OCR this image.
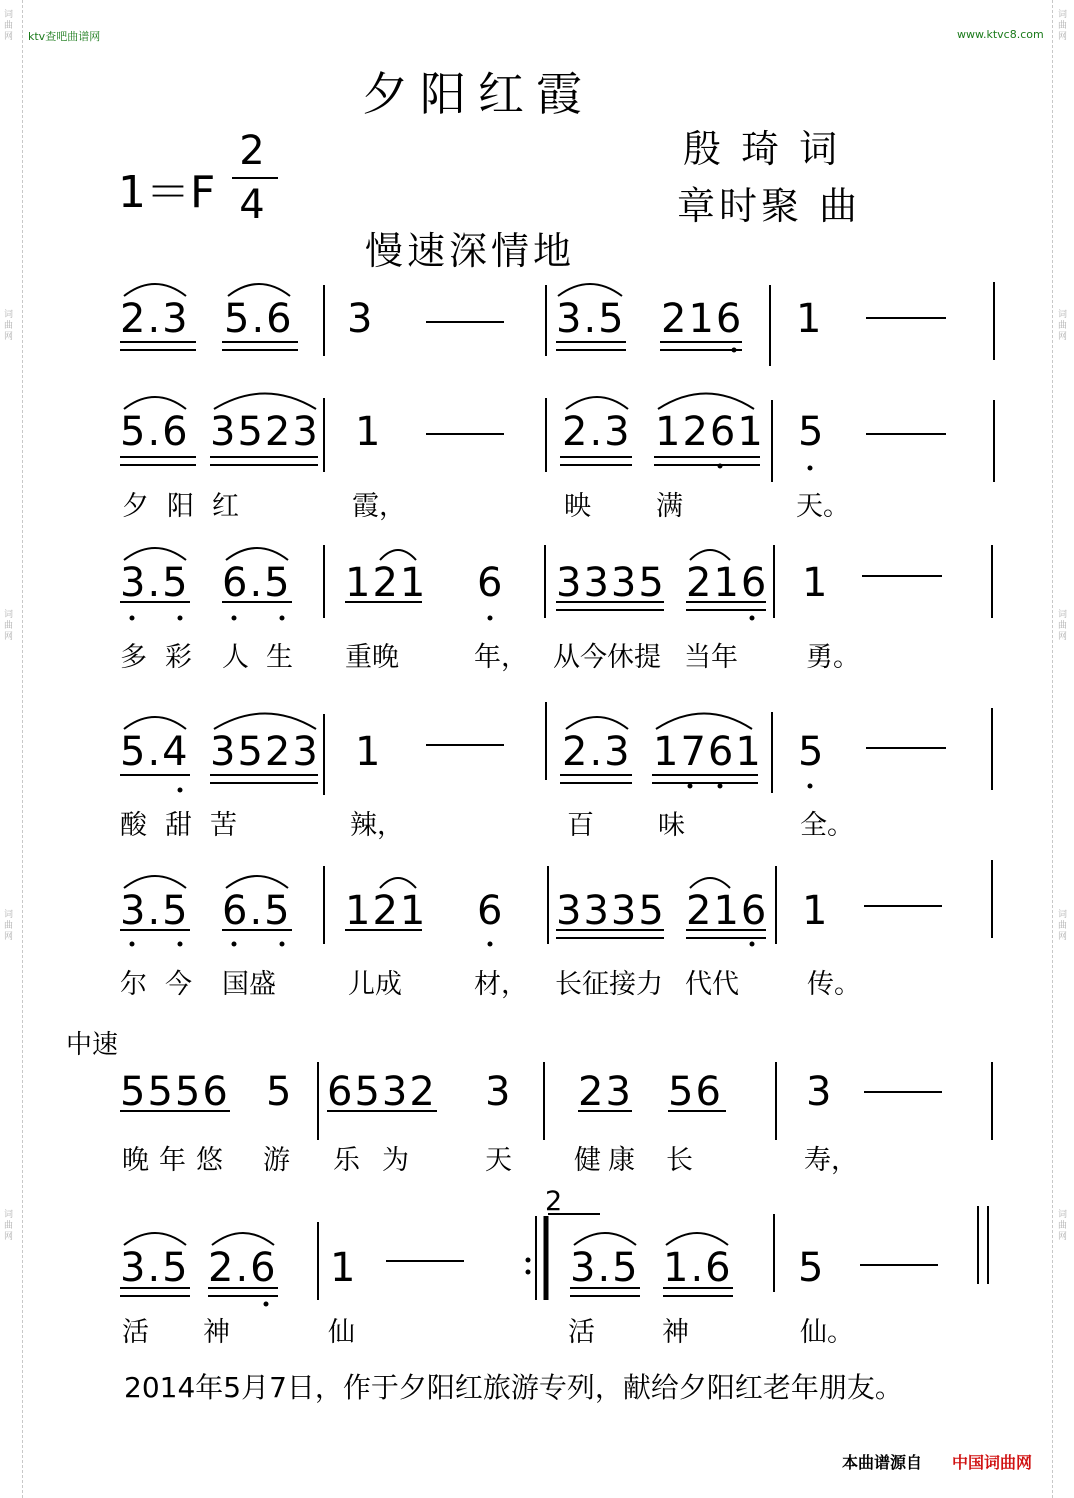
词曲网
词曲网
词曲网
词曲网
词曲网
词曲网
词曲网
词曲网
词曲网
词曲网
ktv查吧曲谱网	www.ktvc8.com
夕阳红霞
殷 琦 词
章时聚 曲
1＝F
2
4
慢速深情地
2.3 5.6 3	3.5 216 1
5.6 3523 1	2.3 1261 5
夕 阳 红	霞，	映 满	天。
3.5 6.5 121 6 3335 216 1
多 彩 人 生 重晚	年， 从今休提 当年	勇。
5.4 3523 1	2.3 1761 5
酸 甜 苦	辣，	百 味	全。
3.5 6.5 121 6 3335 216 1
尔 今 国盛	儿成	材， 长征接力 代代	传。
中速
5556 5 6532 3 23 56 3
晚 年 悠 游 乐 为	天 健 康 长	寿，
2
3.5 2.6 1	3.5 1.6 5
活 神	仙	活 神	仙。
2014年5月7日，作于夕阳红旅游专列，献给夕阳红老年朋友。
本曲谱源自 中国词曲网
